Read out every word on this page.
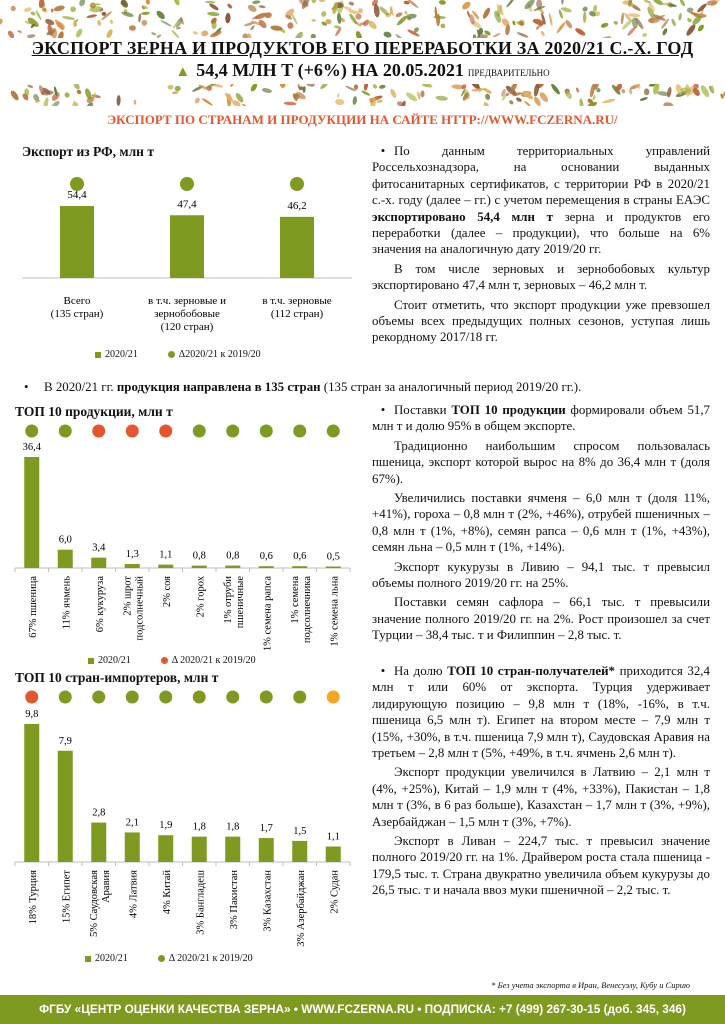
ЭКСПОРТ ЗЕРНА И ПРОДУКТОВ ЕГО ПЕРЕРАБОТКИ ЗА 2020/21 С.-Х. ГОД
▲ 54,4 МЛН Т (+6%) НА 20.05.2021 ПРЕДВАРИТЕЛЬНО
ЭКСПОРТ ПО СТРАНАМ И ПРОДУКЦИИ НА САЙТЕ HTTP://WWW.FCZERNA.RU/
Экспорт из РФ, млн т
54,4
Всего
(135 стран)
47,4
в т.ч. зерновые и
зернобобовые
(120 стран)
46,2
в т.ч. зерновые
(112 стран)
2020/21	Δ2020/21 к 2019/20

• По данным территориальных управлений Россельхознадзора, на основании выданных фитосанитарных сертификатов, с территории РФ в 2020/21 с.-х. году (далее – гг.) с учетом перемещения в страны ЕАЭС экспортировано 54,4 млн т зерна и продуктов его переработки (далее – продукции), что больше на 6% значения на аналогичную дату 2019/20 гг.

В том числе зерновых и зернобобовых культур экспортировано 47,4 млн т, зерновых – 46,2 млн т.

Стоит отметить, что экспорт продукции уже превзошел объемы всех предыдущих полных сезонов, уступая лишь рекордному 2017/18 гг.

• В 2020/21 гг. продукция направлена в 135 стран (135 стран за аналогичный период 2019/20 гг.).
ТОП 10 продукции, млн т
36,4
67% пшеница
6,0
11% ячмень
3,4
6% кукуруза
1,3
2% шрот подсолнечный
1,1
2% соя
0,8
2% горох
0,8
1% отруби пшеничные
0,6
1% семена рапса
0,6
1% семена подсолнечника
0,5
1% семена льна
2020/21	Δ 2020/21 к 2019/20

• Поставки ТОП 10 продукции формировали объем 51,7 млн т и долю 95% в общем экспорте.

Традиционно наибольшим спросом пользовалась пшеница, экспорт которой вырос на 8% до 36,4 млн т (доля 67%).

Увеличились поставки ячменя – 6,0 млн т (доля 11%, +41%), гороха – 0,8 млн т (2%, +46%), отрубей пшеничных – 0,8 млн т (1%, +8%), семян рапса – 0,6 млн т (1%, +43%), семян льна – 0,5 млн т (1%, +14%).

Экспорт кукурузы в Ливию – 94,1 тыс. т превысил объемы полного 2019/20 гг. на 25%.

Поставки семян сафлора – 66,1 тыс. т превысили значение полного 2019/20 гг. на 2%. Рост произошел за счет Турции – 38,4 тыс. т и Филиппин – 2,8 тыс. т.

ТОП 10 стран-импортеров, млн т
9,8
18% Турция
7,9
15% Египет
2,8
5% Саудовская Аравия
2,1
4% Латвия
1,9
4% Китай
1,8
3% Бангладеш
1,8
3% Пакистан
1,7
3% Казахстан
1,5
3% Азербайджан
1,1
2% Судан
2020/21	Δ 2020/21 к 2019/20

• На долю ТОП 10 стран-получателей* приходится 32,4 млн т или 60% от экспорта. Турция удерживает лидирующую позицию – 9,8 млн т (18%, -16%, в т.ч. пшеница 6,5 млн т). Египет на втором месте – 7,9 млн т (15%, +30%, в т.ч. пшеница 7,9 млн т), Саудовская Аравия на третьем – 2,8 млн т (5%, +49%, в т.ч. ячмень 2,6 млн т).

Экспорт продукции увеличился в Латвию – 2,1 млн т (4%, +25%), Китай – 1,9 млн т (4%, +33%), Пакистан – 1,8 млн т (3%, в 6 раз больше), Казахстан – 1,7 млн т (3%, +9%), Азербайджан – 1,5 млн т (3%, +7%).

Экспорт в Ливан – 224,7 тыс. т превысил значение полного 2019/20 гг. на 1%. Драйвером роста стала пшеница - 179,5 тыс. т. Страна двукратно увеличила объем кукурузы до 26,5 тыс. т и начала ввоз муки пшеничной – 2,2 тыс. т.

* Без учета экспорта в Иран, Венесуэлу, Кубу и Сирию
ФГБУ «ЦЕНТР ОЦЕНКИ КАЧЕСТВА ЗЕРНА» • WWW.FCZERNA.RU • ПОДПИСКА: +7 (499) 267-30-15 (доб. 345, 346)
